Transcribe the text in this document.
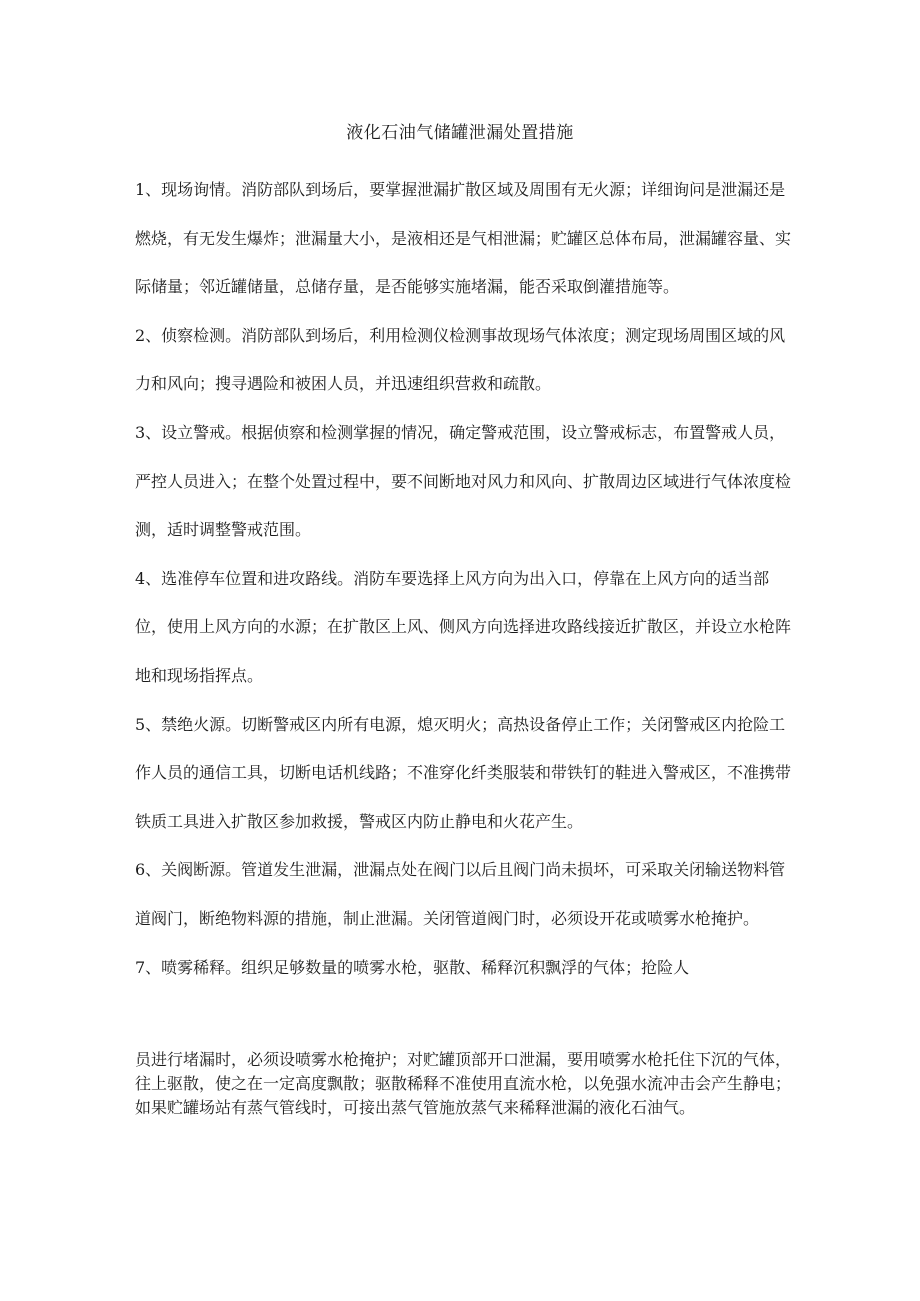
液化石油气储罐泄漏处置措施

1、现场询情。消防部队到场后，要掌握泄漏扩散区域及周围有无火源；详细询问是泄漏还是燃烧，有无发生爆炸；泄漏量大小，是液相还是气相泄漏；贮罐区总体布局，泄漏罐容量、实际储量；邻近罐储量，总储存量，是否能够实施堵漏，能否采取倒灌措施等。

2、侦察检测。消防部队到场后，利用检测仪检测事故现场气体浓度；测定现场周围区域的风力和风向；搜寻遇险和被困人员，并迅速组织营救和疏散。

3、设立警戒。根据侦察和检测掌握的情况，确定警戒范围，设立警戒标志，布置警戒人员，严控人员进入；在整个处置过程中，要不间断地对风力和风向、扩散周边区域进行气体浓度检测，适时调整警戒范围。

4、选准停车位置和进攻路线。消防车要选择上风方向为出入口，停靠在上风方向的适当部位，使用上风方向的水源；在扩散区上风、侧风方向选择进攻路线接近扩散区，并设立水枪阵地和现场指挥点。

5、禁绝火源。切断警戒区内所有电源，熄灭明火；高热设备停止工作；关闭警戒区内抢险工作人员的通信工具，切断电话机线路；不准穿化纤类服装和带铁钉的鞋进入警戒区，不准携带铁质工具进入扩散区参加救援，警戒区内防止静电和火花产生。

6、关阀断源。管道发生泄漏，泄漏点处在阀门以后且阀门尚未损坏，可采取关闭输送物料管道阀门，断绝物料源的措施，制止泄漏。关闭管道阀门时，必须设开花或喷雾水枪掩护。

7、喷雾稀释。组织足够数量的喷雾水枪，驱散、稀释沉积飘浮的气体；抢险人

员进行堵漏时，必须设喷雾水枪掩护；对贮罐顶部开口泄漏，要用喷雾水枪托住下沉的气体，往上驱散，使之在一定高度飘散；驱散稀释不准使用直流水枪，以免强水流冲击会产生静电；如果贮罐场站有蒸气管线时，可接出蒸气管施放蒸气来稀释泄漏的液化石油气。
